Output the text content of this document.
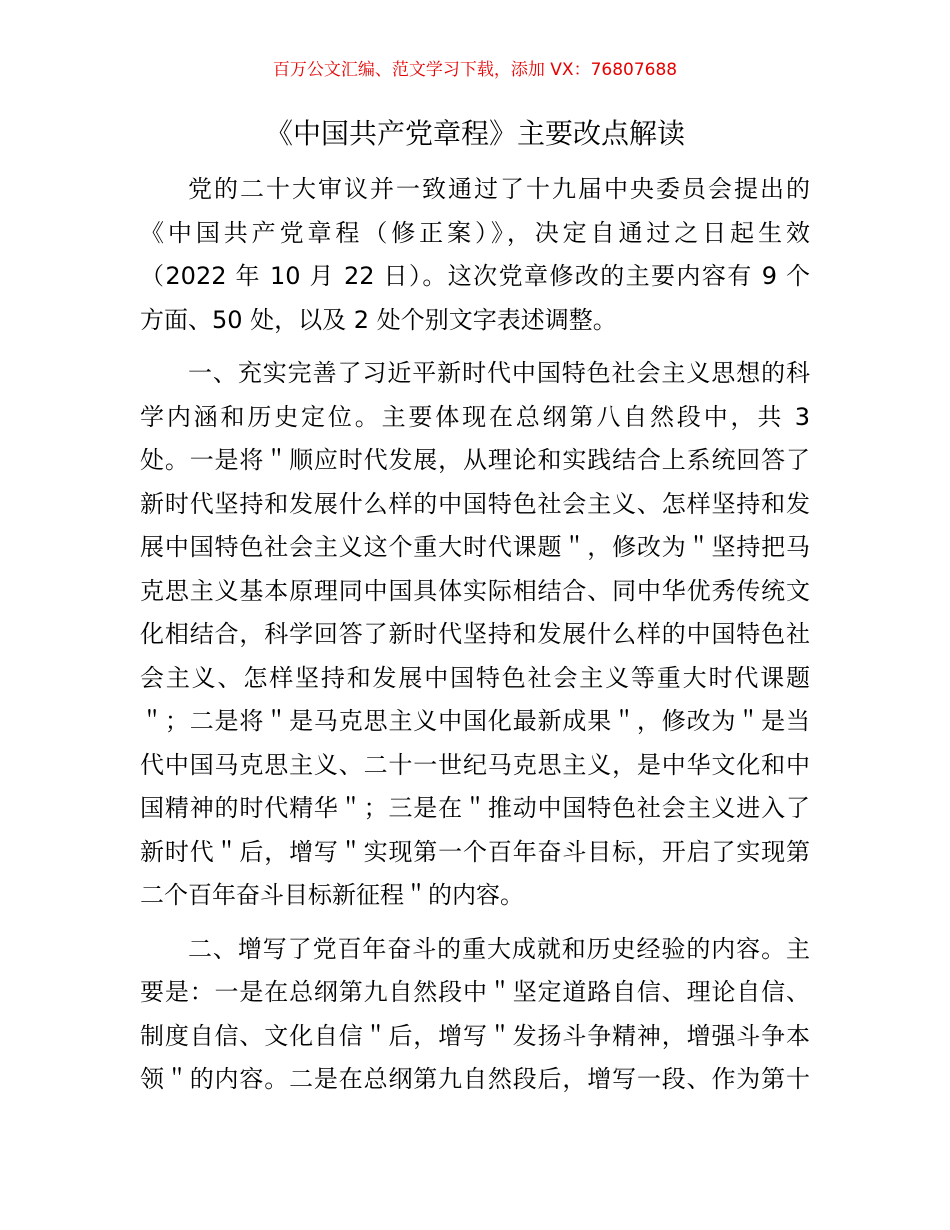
百万公文汇编、范文学习下载，添加 VX：76807688
《中国共产党章程》主要改点解读
党的二十大审议并一致通过了十九届中央委员会提出的
《中国共产党章程（修正案）》，决定自通过之日起生效
（2022 年 10 月 22 日）。这次党章修改的主要内容有 9 个
方面、50 处，以及 2 处个别文字表述调整。
一、充实完善了习近平新时代中国特色社会主义思想的科
学内涵和历史定位。主要体现在总纲第八自然段中，共 3
处。一是将＂顺应时代发展，从理论和实践结合上系统回答了
新时代坚持和发展什么样的中国特色社会主义、怎样坚持和发
展中国特色社会主义这个重大时代课题＂，修改为＂坚持把马
克思主义基本原理同中国具体实际相结合、同中华优秀传统文
化相结合，科学回答了新时代坚持和发展什么样的中国特色社
会主义、怎样坚持和发展中国特色社会主义等重大时代课题
＂；二是将＂是马克思主义中国化最新成果＂，修改为＂是当
代中国马克思主义、二十一世纪马克思主义，是中华文化和中
国精神的时代精华＂；三是在＂推动中国特色社会主义进入了
新时代＂后，增写＂实现第一个百年奋斗目标，开启了实现第
二个百年奋斗目标新征程＂的内容。
二、增写了党百年奋斗的重大成就和历史经验的内容。主
要是：一是在总纲第九自然段中＂坚定道路自信、理论自信、
制度自信、文化自信＂后，增写＂发扬斗争精神，增强斗争本
领＂的内容。二是在总纲第九自然段后，增写一段、作为第十
